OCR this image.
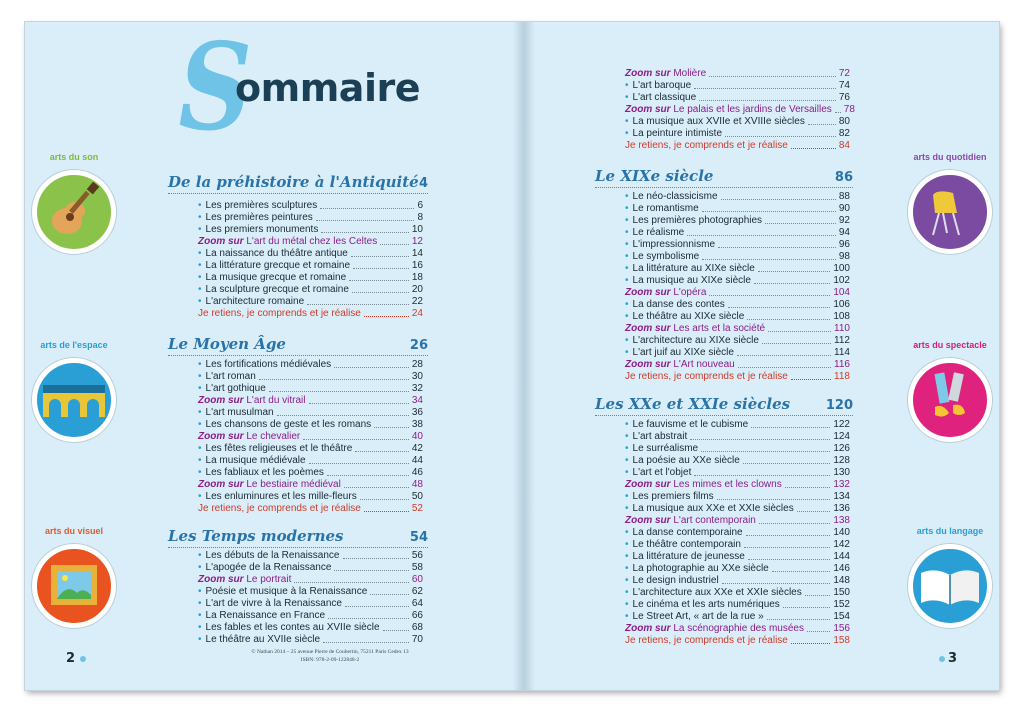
S
ommaire
arts du son
arts de l'espace
arts du visuel
arts du quotidien
arts du spectacle
arts du langage
De la préhistoire à l'Antiquité 4
• Les premières sculptures	6
• Les premières peintures	8
• Les premiers monuments	10
Zoom sur L'art du métal chez les Celtes	12
• La naissance du théâtre antique	14
• La littérature grecque et romaine	16
• La musique grecque et romaine	18
• La sculpture grecque et romaine	20
• L'architecture romaine	22
Je retiens, je comprends et je réalise	24
Le Moyen Âge	26
• Les fortifications médiévales	28
• L'art roman	30
• L'art gothique	32
Zoom sur L'art du vitrail	34
• L'art musulman	36
• Les chansons de geste et les romans	38
Zoom sur Le chevalier	40
• Les fêtes religieuses et le théâtre	42
• La musique médiévale	44
• Les fabliaux et les poèmes	46
Zoom sur Le bestiaire médiéval	48
• Les enluminures et les mille-fleurs	50
Je retiens, je comprends et je réalise	52
Les Temps modernes	54
• Les débuts de la Renaissance	56
• L'apogée de la Renaissance	58
Zoom sur Le portrait	60
• Poésie et musique à la Renaissance	62
• L'art de vivre à la Renaissance	64
• La Renaissance en France	66
• Les fables et les contes au XVIIe siècle	68
• Le théâtre au XVIIe siècle	70
Zoom sur Molière	72
• L'art baroque	74
• L'art classique	76
Zoom sur Le palais et les jardins de Versailles 78
• La musique aux XVIIe et XVIIIe siècles	80
• La peinture intimiste	82
Je retiens, je comprends et je réalise	84
Le XIXe siècle	86
• Le néo-classicisme	88
• Le romantisme	90
• Les premières photographies	92
• Le réalisme	94
• L'impressionnisme	96
• Le symbolisme	98
• La littérature au XIXe siècle	100
• La musique au XIXe siècle	102
Zoom sur L'opéra	104
• La danse des contes	106
• Le théâtre au XIXe siècle	108
Zoom sur Les arts et la société	110
• L'architecture au XIXe siècle	112
• L'art juif au XIXe siècle	114
Zoom sur L'Art nouveau	116
Je retiens, je comprends et je réalise	118
Les XXe et XXIe siècles	120
• Le fauvisme et le cubisme	122
• L'art abstrait	124
• Le surréalisme	126
• La poésie au XXe siècle	128
• L'art et l'objet	130
Zoom sur Les mimes et les clowns	132
• Les premiers films	134
• La musique aux XXe et XXIe siècles	136
Zoom sur L'art contemporain	138
• La danse contemporaine	140
• Le théâtre contemporain	142
• La littérature de jeunesse	144
• La photographie au XXe siècle	146
• Le design industriel	148
• L'architecture aux XXe et XXIe siècles	150
• Le cinéma et les arts numériques	152
• Le Street Art, « art de la rue »	154
Zoom sur La scénographie des musées	156
Je retiens, je comprends et je réalise	158
© Nathan 2014 – 25 avenue Pierre de Coubertin, 75211 Paris Cedex 13
ISBN: 978-2-09-122848-2
2	3
